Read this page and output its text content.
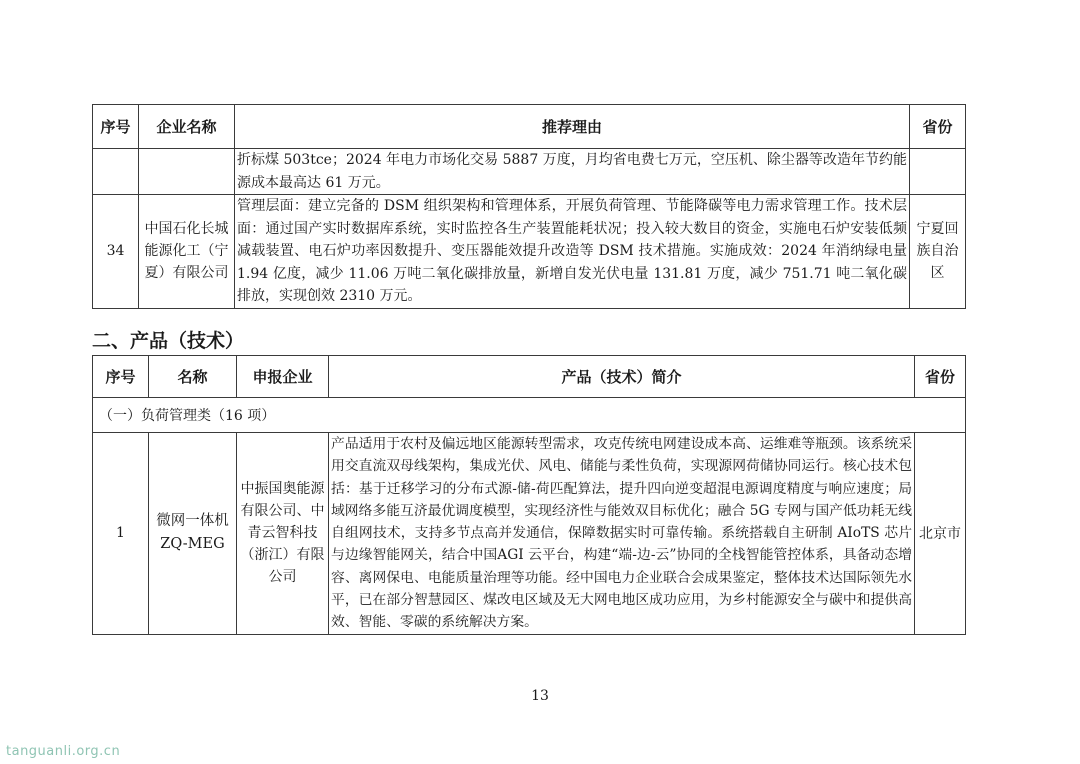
序号	企业名称	推荐理由	省份
		折标煤 503tce；2024 年电力市场化交易 5887 万度，月均省电费七万元，空压机、除尘器等改造年节约能源成本最高达 61 万元。	
34	中国石化长城能源化工（宁夏）有限公司	管理层面：建立完备的 DSM 组织架构和管理体系，开展负荷管理、节能降碳等电力需求管理工作。技术层面：通过国产实时数据库系统，实时监控各生产装置能耗状况；投入较大数目的资金，实施电石炉安装低频减载装置、电石炉功率因数提升、变压器能效提升改造等 DSM 技术措施。实施成效：2024 年消纳绿电量 1.94 亿度，减少 11.06 万吨二氧化碳排放量，新增自发光伏电量 131.81 万度，减少 751.71 吨二氧化碳排放，实现创效 2310 万元。	宁夏回族自治区
二、产品（技术）
序号	名称	申报企业	产品（技术）简介	省份
（一）负荷管理类（16 项）				
1	微网一体机 ZQ-MEG	中振国奥能源有限公司、中青云智科技（浙江）有限公司	产品适用于农村及偏远地区能源转型需求，攻克传统电网建设成本高、运维难等瓶颈。该系统采用交直流双母线架构，集成光伏、风电、储能与柔性负荷，实现源网荷储协同运行。核心技术包括：基于迁移学习的分布式源-储-荷匹配算法，提升四向逆变超混电源调度精度与响应速度；局域网络多能互济最优调度模型，实现经济性与能效双目标优化；融合 5G 专网与国产低功耗无线自组网技术，支持多节点高并发通信，保障数据实时可靠传输。系统搭载自主研制 AIoTS 芯片与边缘智能网关，结合中国AGI 云平台，构建“端-边-云”协同的全栈智能管控体系，具备动态增容、离网保电、电能质量治理等功能。经中国电力企业联合会成果鉴定，整体技术达国际领先水平，已在部分智慧园区、煤改电区域及无大网电地区成功应用，为乡村能源安全与碳中和提供高效、智能、零碳的系统解决方案。	北京市
13
tanguanli.org.cn
